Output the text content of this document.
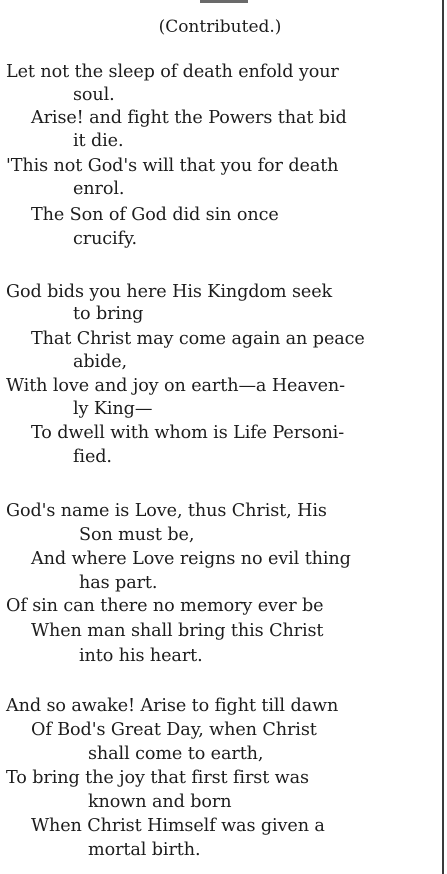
(Contributed.)
Let not the sleep of death enfold your
soul.
Arise! and fight the Powers that bid
it die.
'This not God's will that you for death
enrol.
The Son of God did sin once
crucify.
God bids you here His Kingdom seek
to bring
That Christ may come again an peace
abide,
With love and joy on earth—a Heaven-
ly King—
To dwell with whom is Life Personi-
fied.
God's name is Love, thus Christ, His
Son must be,
And where Love reigns no evil thing
has part.
Of sin can there no memory ever be
When man shall bring this Christ
into his heart.
And so awake! Arise to fight till dawn
Of Bod's Great Day, when Christ
shall come to earth,
To bring the joy that first first was
known and born
When Christ Himself was given a
mortal birth.
